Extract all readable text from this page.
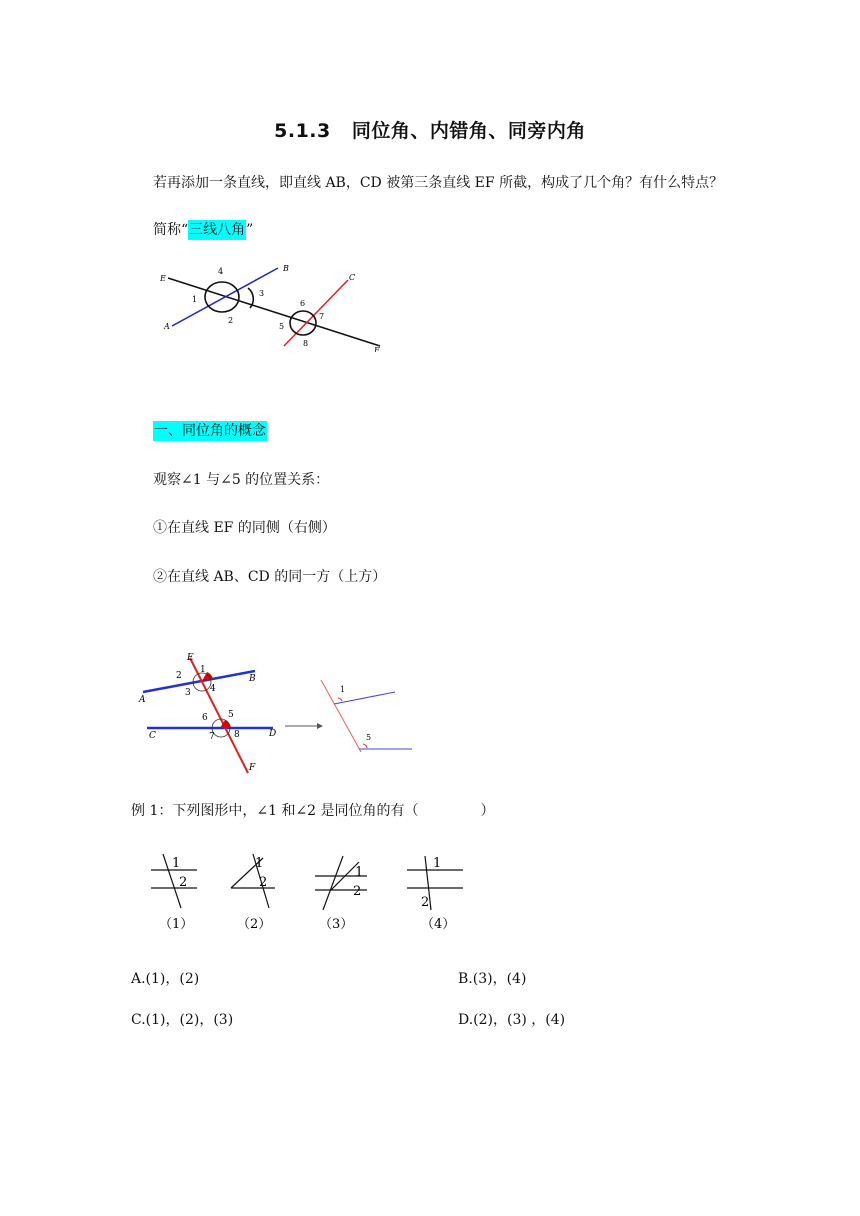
5.1.3 同位角、内错角、同旁内角
若再添加一条直线，即直线 AB，CD 被第三条直线 EF 所截，构成了几个角？有什么特点？
简称“三线八角”
E
B
A
C
F
1
2
3
4
5
6
7
8
一、同位角的概念
观察∠1 与∠5 的位置关系：
①在直线 EF 的同侧（右侧）
②在直线 AB、CD 的同一方（上方）
E
B
A
C	D
F
1
2
3 4
5
6
7 8
1
5
例 1：下列图形中，∠1 和∠2 是同位角的有（	）
1
2
（1）
1
2
（2）
1
2
（3）
1
2
（4）
A.(1)，(2)	B.(3)，(4)
C.(1)，(2)，(3)	D.(2)，(3) ，(4)
